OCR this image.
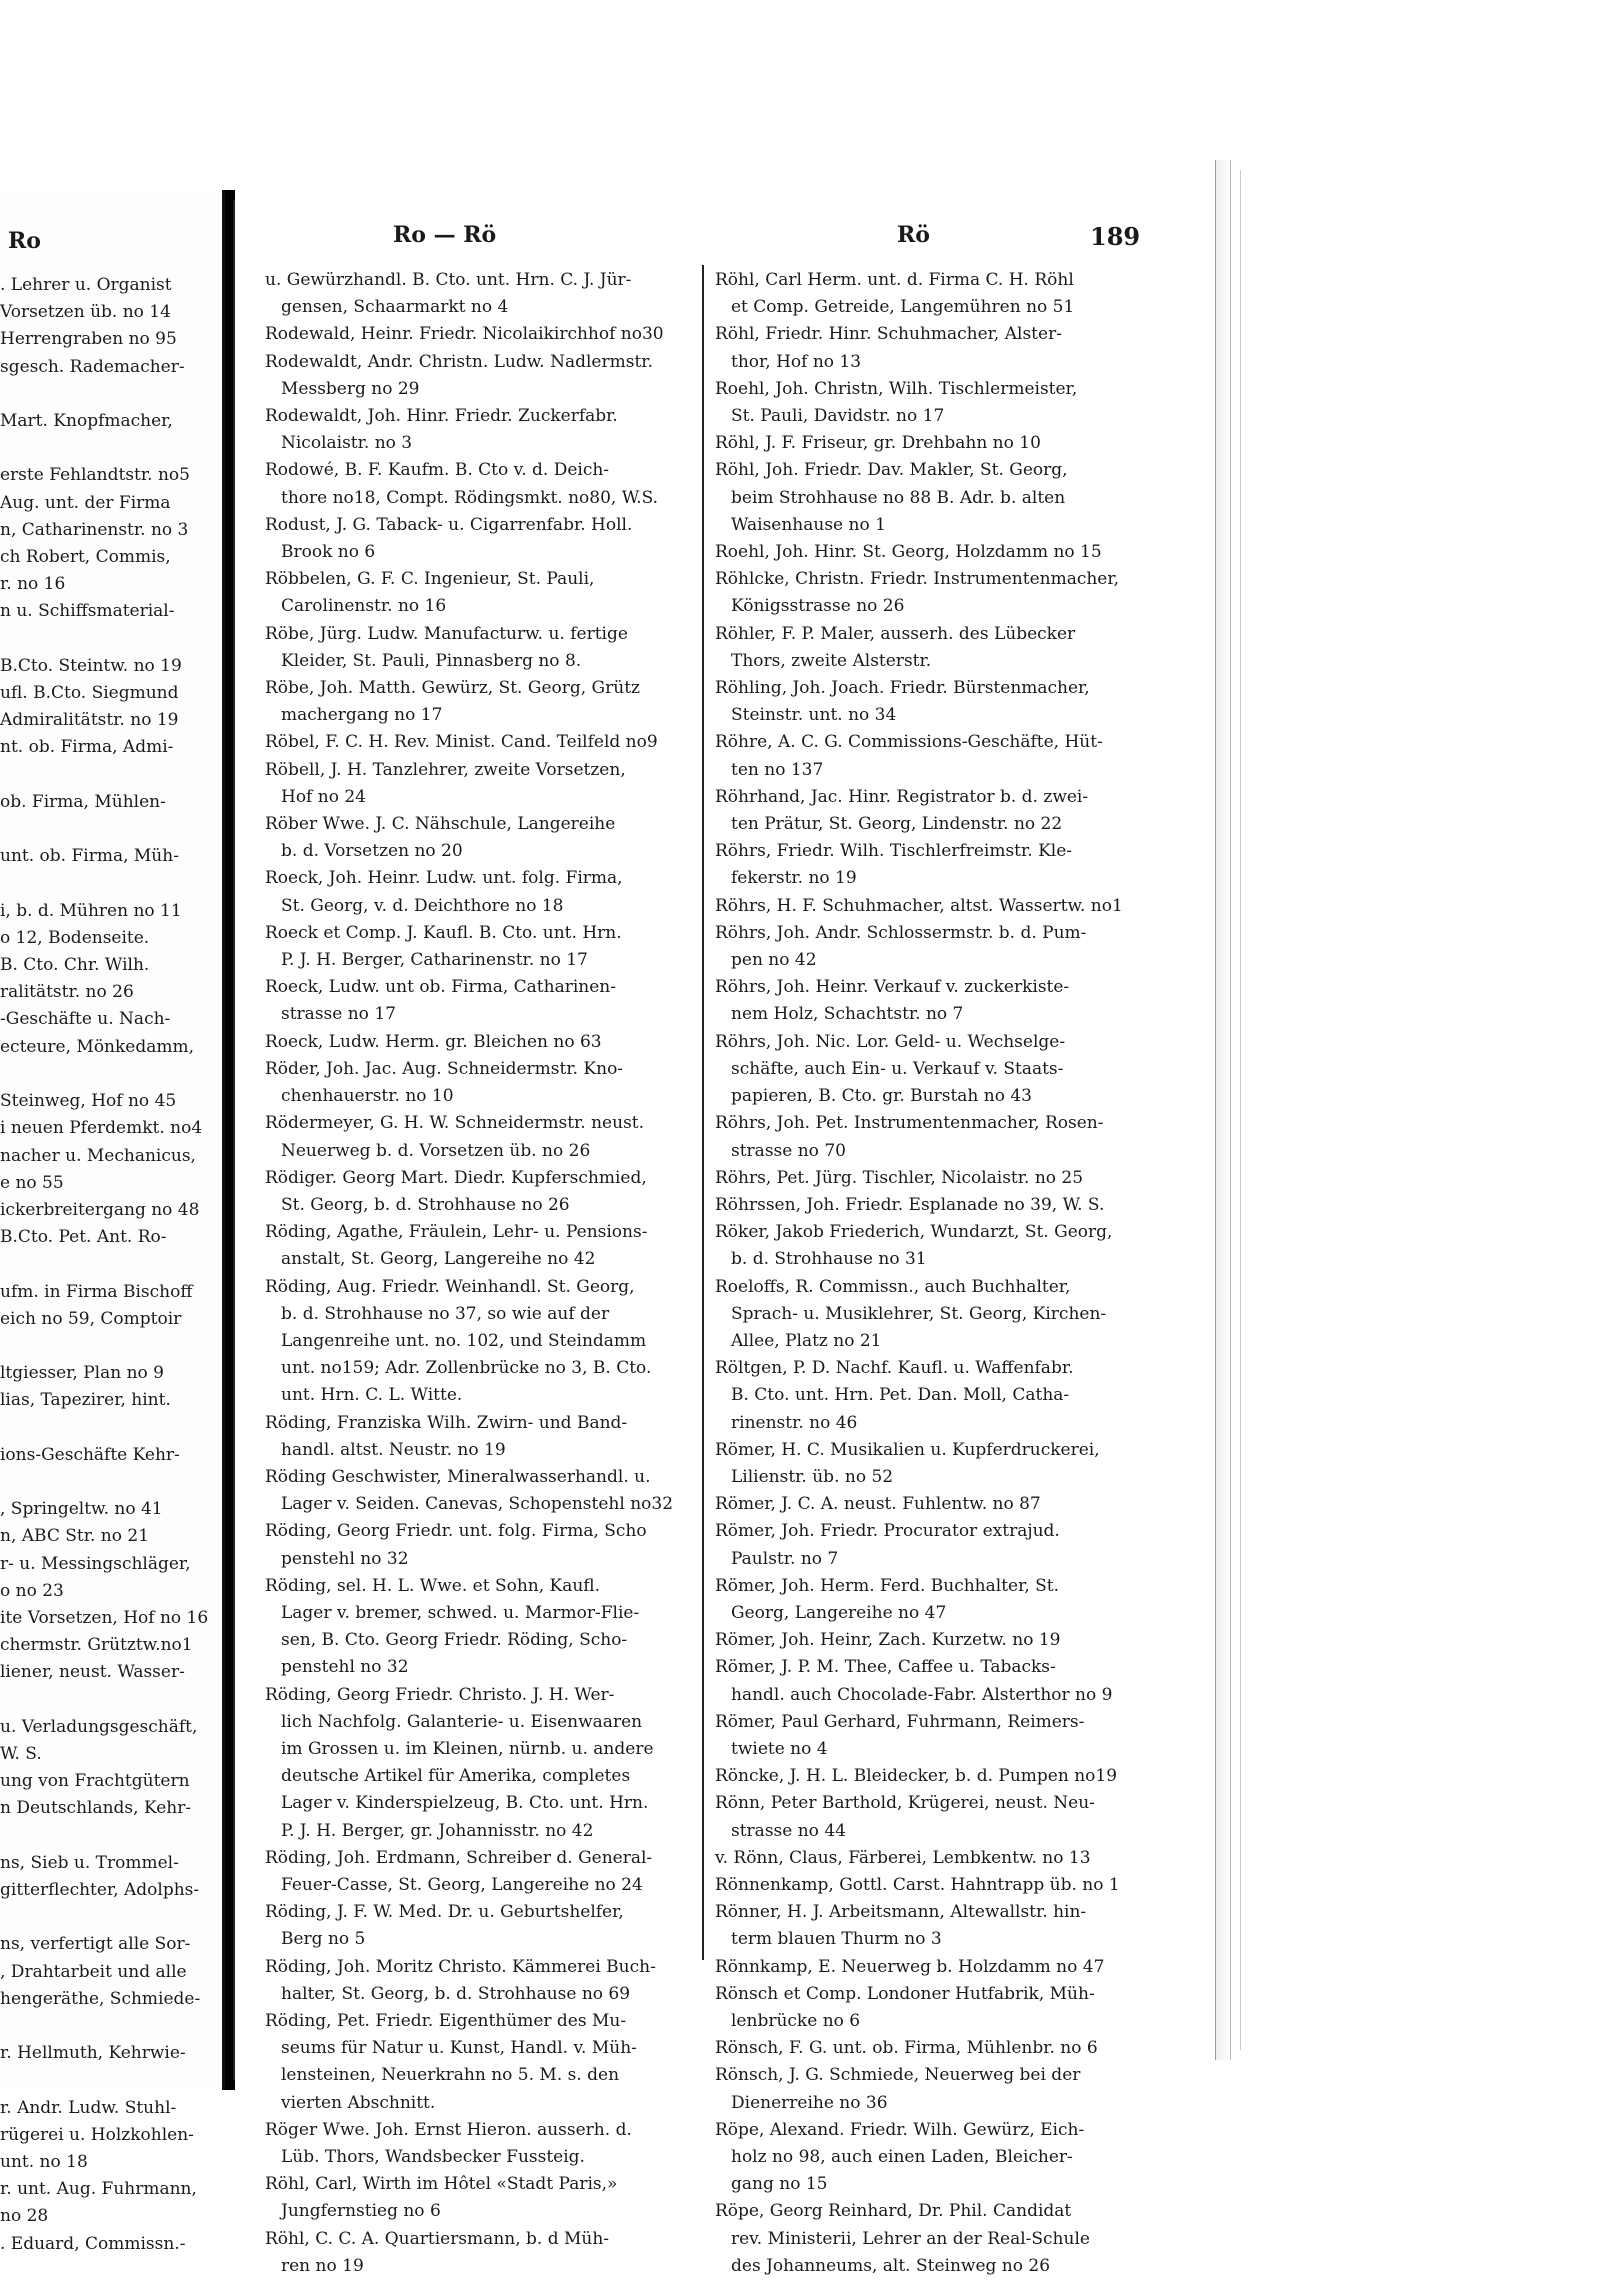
Ro
. Lehrer u. Organist
Vorsetzen üb. no 14
Herrengraben no 95
sgesch. Rademacher-

Mart. Knopfmacher,

erste Fehlandtstr. no5
Aug. unt. der Firma
n, Catharinenstr. no 3
ch Robert, Commis,
r. no 16
n u. Schiffsmaterial-

B.Cto. Steintw. no 19
ufl. B.Cto. Siegmund
Admiralitätstr. no 19
nt. ob. Firma, Admi-

ob. Firma, Mühlen-

unt. ob. Firma, Müh-

i, b. d. Mühren no 11
o 12, Bodenseite.
B. Cto. Chr. Wilh.
ralitätstr. no 26
-Geschäfte u. Nach-
ecteure, Mönkedamm,

Steinweg, Hof no 45
i neuen Pferdemkt. no4
nacher u. Mechanicus,
e no 55
ickerbreitergang no 48
B.Cto. Pet. Ant. Ro-

ufm. in Firma Bischoff
eich no 59, Comptoir

ltgiesser, Plan no 9
lias, Tapezirer, hint.

ions-Geschäfte Kehr-

, Springeltw. no 41
n, ABC Str. no 21
r- u. Messingschläger,
o no 23
ite Vorsetzen, Hof no 16
chermstr. Grütztw.no1
liener, neust. Wasser-

u. Verladungsgeschäft,
W. S.
ung von Frachtgütern
n Deutschlands, Kehr-

ns, Sieb u. Trommel-
gitterflechter, Adolphs-

ns, verfertigt alle Sor-
, Drahtarbeit und alle
hengeräthe, Schmiede-

r. Hellmuth, Kehrwie-

r. Andr. Ludw. Stuhl-
rügerei u. Holzkohlen-
unt. no 18
r. unt. Aug. Fuhrmann,
no 28
. Eduard, Commissn.-
Ro — Rö	Rö	189
u. Gewürzhandl. B. Cto. unt. Hrn. C. J. Jür-
gensen, Schaarmarkt no 4
Rodewald, Heinr. Friedr. Nicolaikirchhof no30
Rodewaldt, Andr. Christn. Ludw. Nadlermstr.
Messberg no 29
Rodewaldt, Joh. Hinr. Friedr. Zuckerfabr.
Nicolaistr. no 3
Rodowé, B. F. Kaufm. B. Cto v. d. Deich-
thore no18, Compt. Rödingsmkt. no80, W.S.
Rodust, J. G. Taback- u. Cigarrenfabr. Holl.
Brook no 6
Röbbelen, G. F. C. Ingenieur, St. Pauli,
Carolinenstr. no 16
Röbe, Jürg. Ludw. Manufacturw. u. fertige
Kleider, St. Pauli, Pinnasberg no 8.
Röbe, Joh. Matth. Gewürz, St. Georg, Grütz
machergang no 17
Röbel, F. C. H. Rev. Minist. Cand. Teilfeld no9
Röbell, J. H. Tanzlehrer, zweite Vorsetzen,
Hof no 24
Röber Wwe. J. C. Nähschule, Langereihe
b. d. Vorsetzen no 20
Roeck, Joh. Heinr. Ludw. unt. folg. Firma,
St. Georg, v. d. Deichthore no 18
Roeck et Comp. J. Kaufl. B. Cto. unt. Hrn.
P. J. H. Berger, Catharinenstr. no 17
Roeck, Ludw. unt ob. Firma, Catharinen-
strasse no 17
Roeck, Ludw. Herm. gr. Bleichen no 63
Röder, Joh. Jac. Aug. Schneidermstr. Kno-
chenhauerstr. no 10
Rödermeyer, G. H. W. Schneidermstr. neust.
Neuerweg b. d. Vorsetzen üb. no 26
Rödiger. Georg Mart. Diedr. Kupferschmied,
St. Georg, b. d. Strohhause no 26
Röding, Agathe, Fräulein, Lehr- u. Pensions-
anstalt, St. Georg, Langereihe no 42
Röding, Aug. Friedr. Weinhandl. St. Georg,
b. d. Strohhause no 37, so wie auf der
Langenreihe unt. no. 102, und Steindamm
unt. no159; Adr. Zollenbrücke no 3, B. Cto.
unt. Hrn. C. L. Witte.
Röding, Franziska Wilh. Zwirn- und Band-
handl. altst. Neustr. no 19
Röding Geschwister, Mineralwasserhandl. u.
Lager v. Seiden. Canevas, Schopenstehl no32
Röding, Georg Friedr. unt. folg. Firma, Scho
penstehl no 32
Röding, sel. H. L. Wwe. et Sohn, Kaufl.
Lager v. bremer, schwed. u. Marmor-Flie-
sen, B. Cto. Georg Friedr. Röding, Scho-
penstehl no 32
Röding, Georg Friedr. Christo. J. H. Wer-
lich Nachfolg. Galanterie- u. Eisenwaaren
im Grossen u. im Kleinen, nürnb. u. andere
deutsche Artikel für Amerika, completes
Lager v. Kinderspielzeug, B. Cto. unt. Hrn.
P. J. H. Berger, gr. Johannisstr. no 42
Röding, Joh. Erdmann, Schreiber d. General-
Feuer-Casse, St. Georg, Langereihe no 24
Röding, J. F. W. Med. Dr. u. Geburtshelfer,
Berg no 5
Röding, Joh. Moritz Christo. Kämmerei Buch-
halter, St. Georg, b. d. Strohhause no 69
Röding, Pet. Friedr. Eigenthümer des Mu-
seums für Natur u. Kunst, Handl. v. Müh-
lensteinen, Neuerkrahn no 5. M. s. den
vierten Abschnitt.
Röger Wwe. Joh. Ernst Hieron. ausserh. d.
Lüb. Thors, Wandsbecker Fussteig.
Röhl, Carl, Wirth im Hôtel «Stadt Paris,»
Jungfernstieg no 6
Röhl, C. C. A. Quartiersmann, b. d Müh-
ren no 19
Röhl, Carl Herm. unt. d. Firma C. H. Röhl
et Comp. Getreide, Langemühren no 51
Röhl, Friedr. Hinr. Schuhmacher, Alster-
thor, Hof no 13
Roehl, Joh. Christn, Wilh. Tischlermeister,
St. Pauli, Davidstr. no 17
Röhl, J. F. Friseur, gr. Drehbahn no 10
Röhl, Joh. Friedr. Dav. Makler, St. Georg,
beim Strohhause no 88 B. Adr. b. alten
Waisenhause no 1
Roehl, Joh. Hinr. St. Georg, Holzdamm no 15
Röhlcke, Christn. Friedr. Instrumentenmacher,
Königsstrasse no 26
Röhler, F. P. Maler, ausserh. des Lübecker
Thors, zweite Alsterstr.
Röhling, Joh. Joach. Friedr. Bürstenmacher,
Steinstr. unt. no 34
Röhre, A. C. G. Commissions-Geschäfte, Hüt-
ten no 137
Röhrhand, Jac. Hinr. Registrator b. d. zwei-
ten Prätur, St. Georg, Lindenstr. no 22
Röhrs, Friedr. Wilh. Tischlerfreimstr. Kle-
fekerstr. no 19
Röhrs, H. F. Schuhmacher, altst. Wassertw. no1
Röhrs, Joh. Andr. Schlossermstr. b. d. Pum-
pen no 42
Röhrs, Joh. Heinr. Verkauf v. zuckerkiste-
nem Holz, Schachtstr. no 7
Röhrs, Joh. Nic. Lor. Geld- u. Wechselge-
schäfte, auch Ein- u. Verkauf v. Staats-
papieren, B. Cto. gr. Burstah no 43
Röhrs, Joh. Pet. Instrumentenmacher, Rosen-
strasse no 70
Röhrs, Pet. Jürg. Tischler, Nicolaistr. no 25
Röhrssen, Joh. Friedr. Esplanade no 39, W. S.
Röker, Jakob Friederich, Wundarzt, St. Georg,
b. d. Strohhause no 31
Roeloffs, R. Commissn., auch Buchhalter,
Sprach- u. Musiklehrer, St. Georg, Kirchen-
Allee, Platz no 21
Röltgen, P. D. Nachf. Kaufl. u. Waffenfabr.
B. Cto. unt. Hrn. Pet. Dan. Moll, Catha-
rinenstr. no 46
Römer, H. C. Musikalien u. Kupferdruckerei,
Lilienstr. üb. no 52
Römer, J. C. A. neust. Fuhlentw. no 87
Römer, Joh. Friedr. Procurator extrajud.
Paulstr. no 7
Römer, Joh. Herm. Ferd. Buchhalter, St.
Georg, Langereihe no 47
Römer, Joh. Heinr, Zach. Kurzetw. no 19
Römer, J. P. M. Thee, Caffee u. Tabacks-
handl. auch Chocolade-Fabr. Alsterthor no 9
Römer, Paul Gerhard, Fuhrmann, Reimers-
twiete no 4
Röncke, J. H. L. Bleidecker, b. d. Pumpen no19
Rönn, Peter Barthold, Krügerei, neust. Neu-
strasse no 44
v. Rönn, Claus, Färberei, Lembkentw. no 13
Rönnenkamp, Gottl. Carst. Hahntrapp üb. no 1
Rönner, H. J. Arbeitsmann, Altewallstr. hin-
term blauen Thurm no 3
Rönnkamp, E. Neuerweg b. Holzdamm no 47
Rönsch et Comp. Londoner Hutfabrik, Müh-
lenbrücke no 6
Rönsch, F. G. unt. ob. Firma, Mühlenbr. no 6
Rönsch, J. G. Schmiede, Neuerweg bei der
Dienerreihe no 36
Röpe, Alexand. Friedr. Wilh. Gewürz, Eich-
holz no 98, auch einen Laden, Bleicher-
gang no 15
Röpe, Georg Reinhard, Dr. Phil. Candidat
rev. Ministerii, Lehrer an der Real-Schule
des Johanneums, alt. Steinweg no 26
